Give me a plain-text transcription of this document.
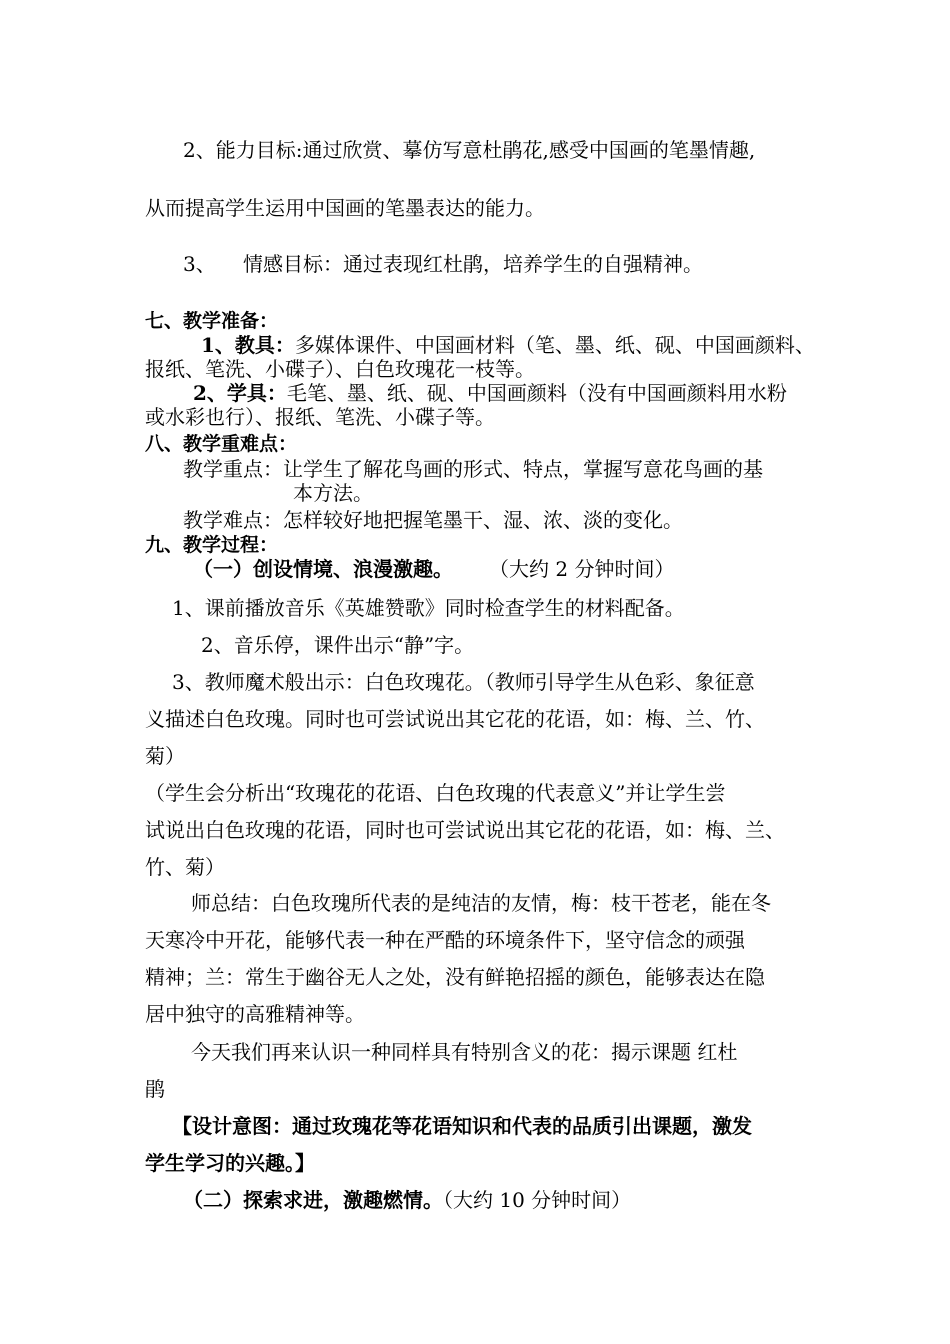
2、能力目标:通过欣赏、摹仿写意杜鹃花,感受中国画的笔墨情趣,
从而提高学生运用中国画的笔墨表达的能力。
3、 情感目标：通过表现红杜鹃，培养学生的自强精神。
七、教学准备：
1、教具：多媒体课件、中国画材料（笔、墨、纸、砚、中国画颜料、
报纸、笔洗、小碟子）、白色玫瑰花一枝等。
2、学具：毛笔、墨、纸、砚、中国画颜料（没有中国画颜料用水粉
或水彩也行）、报纸、笔洗、小碟子等。
八、教学重难点：
教学重点：让学生了解花鸟画的形式、特点，掌握写意花鸟画的基
本方法。
教学难点：怎样较好地把握笔墨干、湿、浓、淡的变化。
九、教学过程：
（一）创设情境、浪漫激趣。 （大约 2 分钟时间）
1、课前播放音乐《英雄赞歌》同时检查学生的材料配备。
2、音乐停，课件出示“静”字。
3、教师魔术般出示：白色玫瑰花。（教师引导学生从色彩、象征意
义描述白色玫瑰。同时也可尝试说出其它花的花语，如：梅、兰、竹、
菊）
（学生会分析出“玫瑰花的花语、白色玫瑰的代表意义”并让学生尝
试说出白色玫瑰的花语，同时也可尝试说出其它花的花语，如：梅、兰、
竹、菊）
师总结：白色玫瑰所代表的是纯洁的友情，梅：枝干苍老，能在冬
天寒冷中开花，能够代表一种在严酷的环境条件下，坚守信念的顽强
精神；兰：常生于幽谷无人之处，没有鲜艳招摇的颜色，能够表达在隐
居中独守的高雅精神等。
今天我们再来认识一种同样具有特别含义的花：揭示课题 红杜
鹃
【设计意图：通过玫瑰花等花语知识和代表的品质引出课题，激发
学生学习的兴趣。】
（二）探索求进，激趣燃情。（大约 10 分钟时间）
